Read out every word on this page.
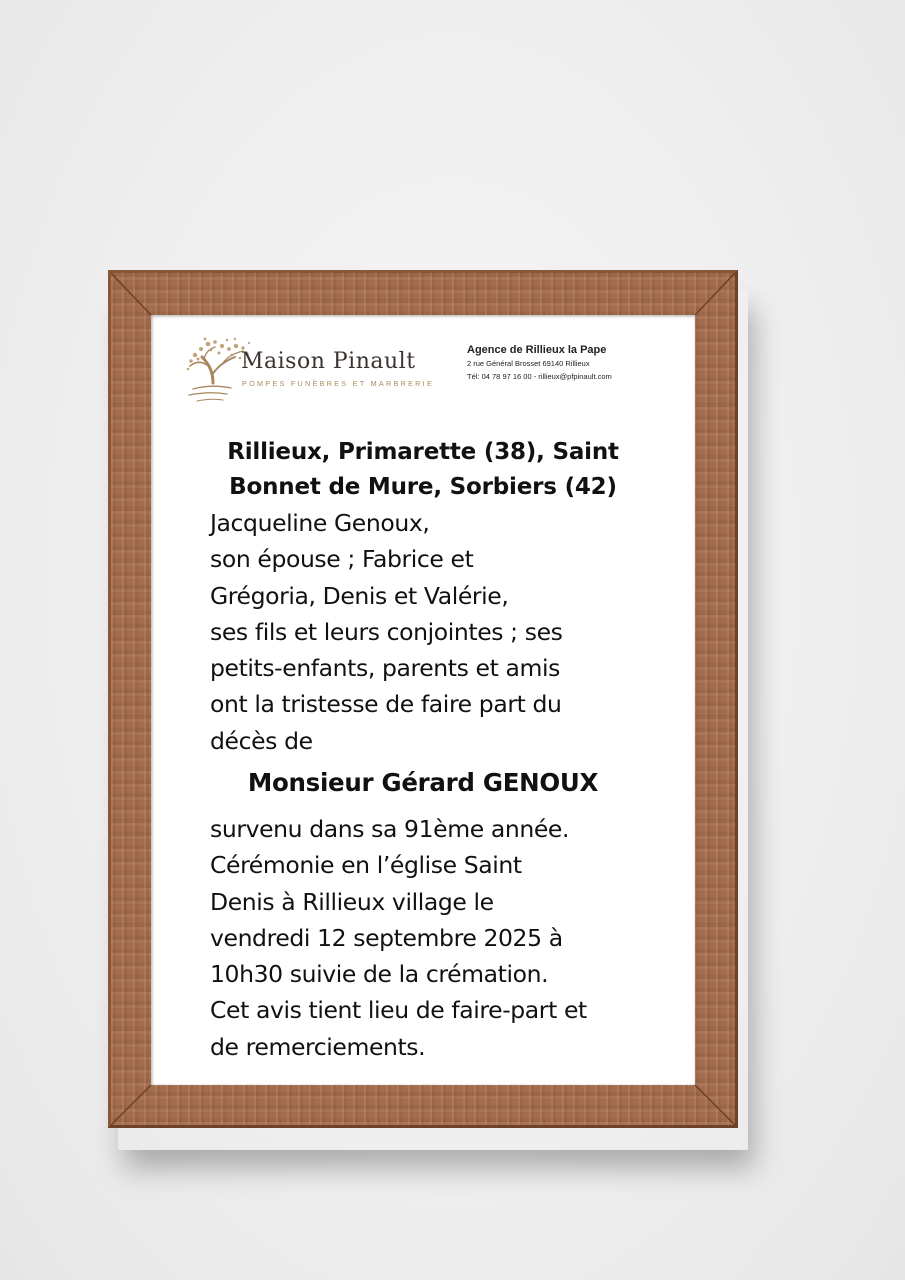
Maison Pinault
POMPES FUNÈBRES ET MARBRERIE
Agence de Rillieux la Pape
2 rue Général Brosset 69140 Rillieux
Tél: 04 78 97 16 00 - rillieux@pfpinault.com
Rillieux, Primarette (38), Saint
Bonnet de Mure, Sorbiers (42)
Jacqueline Genoux,
son épouse ; Fabrice et
Grégoria, Denis et Valérie,
ses fils et leurs conjointes ; ses
petits-enfants, parents et amis
ont la tristesse de faire part du
décès de
Monsieur Gérard GENOUX
survenu dans sa 91ème année.
Cérémonie en l’église Saint
Denis à Rillieux village le
vendredi 12 septembre 2025 à
10h30 suivie de la crémation.
Cet avis tient lieu de faire-part et
de remerciements.
